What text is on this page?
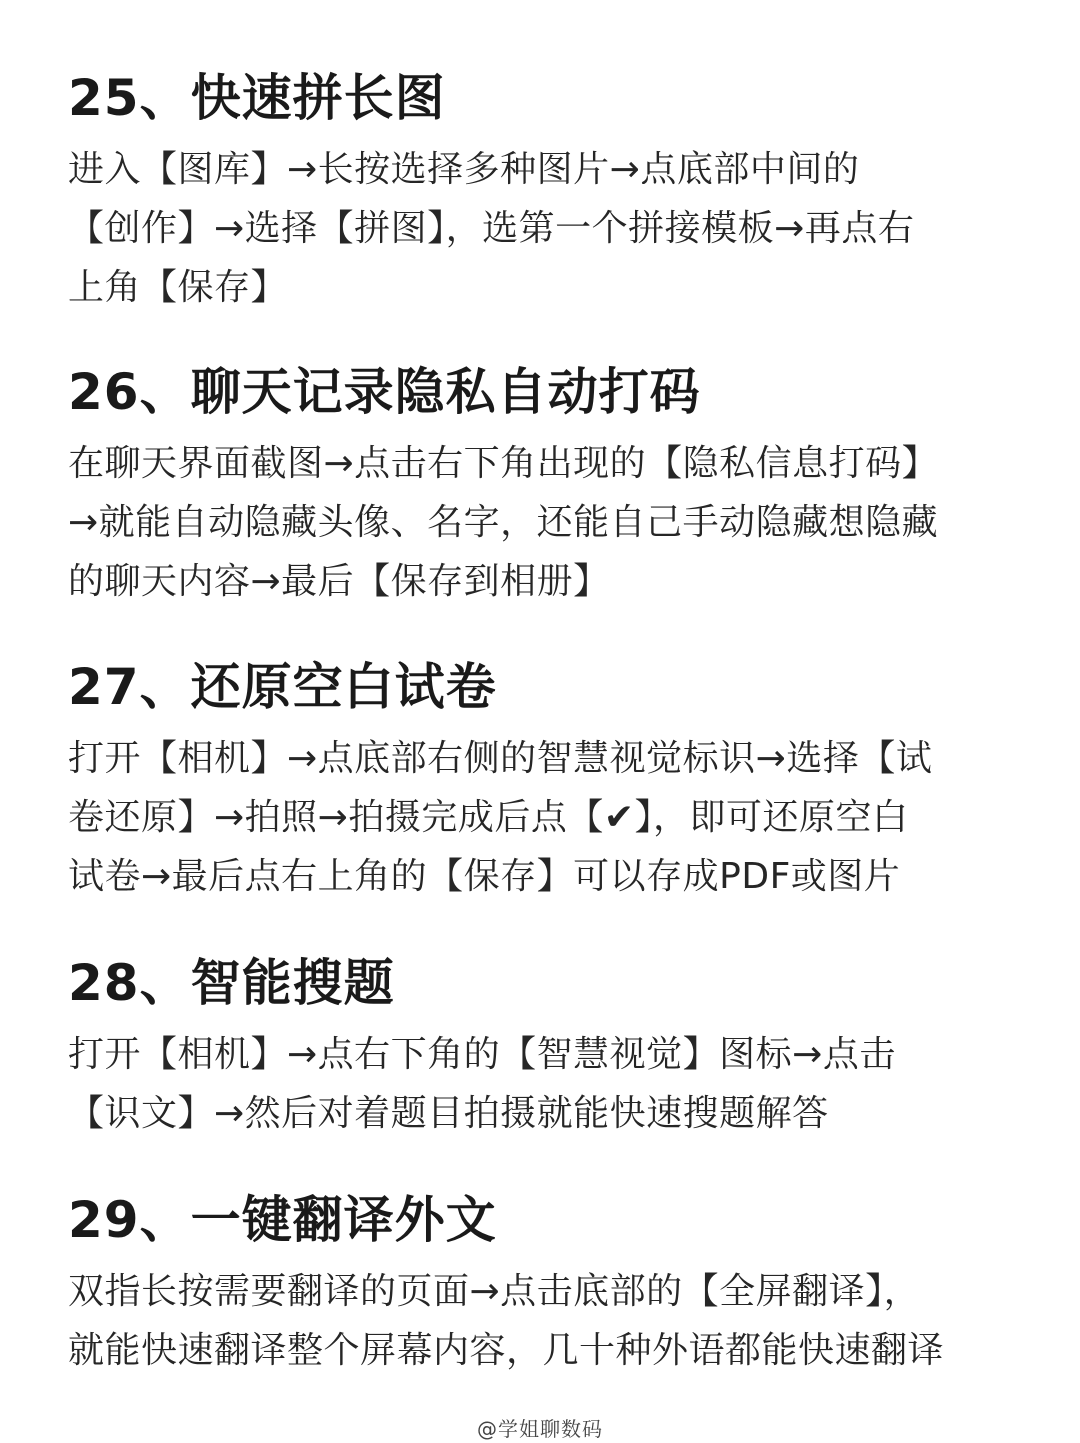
25、快速拼长图

进入【图库】→长按选择多种图片→点底部中间的
【创作】→选择【拼图】，选第一个拼接模板→再点右
上角【保存】

26、聊天记录隐私自动打码

在聊天界面截图→点击右下角出现的【隐私信息打码】
→就能自动隐藏头像、名字，还能自己手动隐藏想隐藏
的聊天内容→最后【保存到相册】

27、还原空白试卷

打开【相机】→点底部右侧的智慧视觉标识→选择【试
卷还原】→拍照→拍摄完成后点【✔】，即可还原空白
试卷→最后点右上角的【保存】可以存成PDF或图片

28、智能搜题

打开【相机】→点右下角的【智慧视觉】图标→点击
【识文】→然后对着题目拍摄就能快速搜题解答

29、一键翻译外文

双指长按需要翻译的页面→点击底部的【全屏翻译】，
就能快速翻译整个屏幕内容，几十种外语都能快速翻译

@学姐聊数码
